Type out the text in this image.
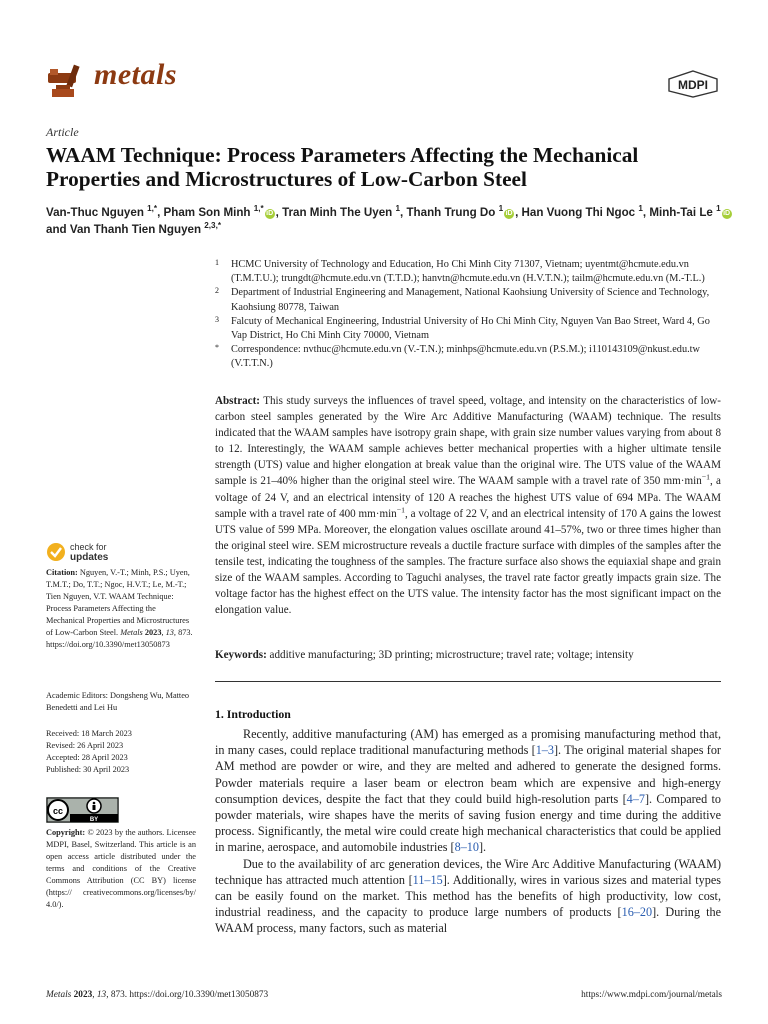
metals	MDPI
Article
WAAM Technique: Process Parameters Affecting the Mechanical Properties and Microstructures of Low-Carbon Steel
Van-Thuc Nguyen $^{1,*}$, Pham Son Minh $^{1,*}$iD , Tran Minh The Uyen $^1$, Thanh Trung Do $^1$iD , Han Vuong Thi Ngoc $^1$, Minh-Tai Le $^1$iD and Van Thanh Tien Nguyen $^{2,3,*}$
1 HCMC University of Technology and Education, Ho Chi Minh City 71307, Vietnam; uyentmt@hcmute.edu.vn (T.M.T.U.); trungdt@hcmute.edu.vn (T.T.D.); hanvtn@hcmute.edu.vn (H.V.T.N.); tailm@hcmute.edu.vn (M.-T.L.)
2 Department of Industrial Engineering and Management, National Kaohsiung University of Science and Technology, Kaohsiung 80778, Taiwan
3 Falcuty of Mechanical Engineering, Industrial University of Ho Chi Minh City, Nguyen Van Bao Street, Ward 4, Go Vap District, Ho Chi Minh City 70000, Vietnam
* Correspondence: nvthuc@hcmute.edu.vn (V.-T.N.); minhps@hcmute.edu.vn (P.S.M.); i110143109@nkust.edu.tw (V.T.T.N.)
Abstract: This study surveys the influences of travel speed, voltage, and intensity on the characteristics of low-carbon steel samples generated by the Wire Arc Additive Manufacturing (WAAM) technique. The results indicated that the WAAM samples have isotropy grain shape, with grain size number values varying from about 8 to 12. Interestingly, the WAAM sample achieves better mechanical properties with a higher ultimate tensile strength (UTS) value and higher elongation at break value than the original wire. The UTS value of the WAAM sample is 21–40% higher than the original steel wire. The WAAM sample with a travel rate of 350 $mm\cdot\min^{-1}$, a voltage of 24 V, and an electrical intensity of 120 A reaches the highest UTS value of 694 MPa. The WAAM sample with a travel rate of 400 $mm\cdot\min^{-1}$, a voltage of 22 V, and an electrical intensity of 170 A gains the lowest UTS value of 599 MPa. Moreover, the elongation values oscillate around 41–57%, two or three times higher than the original steel wire. SEM microstructure reveals a ductile fracture surface with dimples of the samples after the tensile test, indicating the toughness of the samples. The fracture surface also shows the equiaxial shape and grain size of the WAAM samples. According to Taguchi analyses, the travel rate factor greatly impacts grain size. The voltage factor has the highest effect on the UTS value. The intensity factor has the most significant impact on the elongation value.
Keywords: additive manufacturing; 3D printing; microstructure; travel rate; voltage; intensity
1. Introduction

Recently, additive manufacturing (AM) has emerged as a promising manufacturing method that, in many cases, could replace traditional manufacturing methods [1–3]. The original material shapes for AM method are powder or wire, and they are melted and adhered to generate the designed forms. Powder materials require a laser beam or electron beam which are expensive and high-energy consumption devices, despite the fact that they could build high-resolution parts [4–7]. Compared to powder materials, wire shapes have the merits of saving fusion energy and time during the additive process. Significantly, the metal wire could create high mechanical characteristics that could be applied in marine, aerospace, and automobile industries [8–10].

Due to the availability of arc generation devices, the Wire Arc Additive Manufacturing (WAAM) technique has attracted much attention [11–15]. Additionally, wires in various sizes and material types can be easily found on the market. This method has the benefits of high productivity, low cost, industrial readiness, and the capacity to produce large numbers of products [16–20]. During the WAAM process, many factors, such as material

check for
updates
Citation: Nguyen, V.-T.; Minh, P.S.; Uyen, T.M.T.; Do, T.T.; Ngoc, H.V.T.; Le, M.-T.; Tien Nguyen, V.T. WAAM Technique: Process Parameters Affecting the Mechanical Properties and Microstructures of Low-Carbon Steel. Metals 2023, 13, 873. https://doi.org/10.3390/met13050873
Academic Editors: Dongsheng Wu, Matteo Benedetti and Lei Hu
Received: 18 March 2023
Revised: 26 April 2023
Accepted: 28 April 2023
Published: 30 April 2023
cc
BY
Copyright: © 2023 by the authors. Licensee MDPI, Basel, Switzerland. This article is an open access article distributed under the terms and conditions of the Creative Commons Attribution (CC BY) license (https:// creativecommons.org/licenses/by/ 4.0/).
Metals 2023, 13, 873. https://doi.org/10.3390/met13050873	https://www.mdpi.com/journal/metals
